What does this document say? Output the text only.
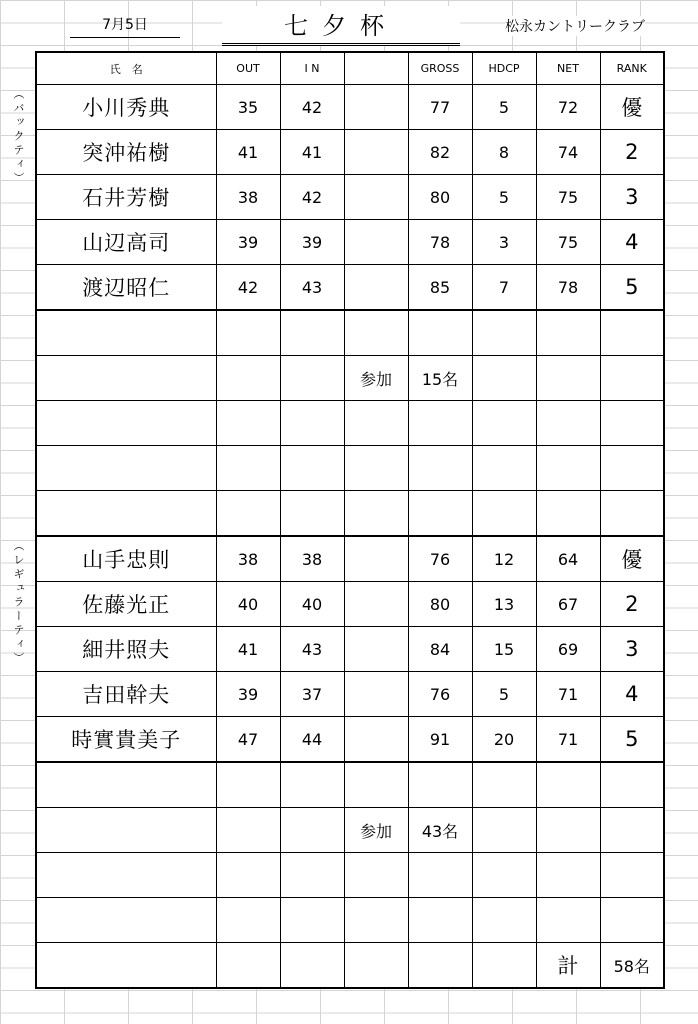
7月5日	七夕杯	松永カントリークラブ
（バックティ）
（レギュラーティ）
氏　名	OUT	I N		GROSS	HDCP	NET	RANK
小川秀典	35	42		77	5	72	優
突沖祐樹	41	41		82	8	74	2
石井芳樹	38	42		80	5	75	3
山辺高司	39	39		78	3	75	4
渡辺昭仁	42	43		85	7	78	5

			参加	15名			

山手忠則	38	38		76	12	64	優
佐藤光正	40	40		80	13	67	2
細井照夫	41	43		84	15	69	3
吉田幹夫	39	37		76	5	71	4
時實貴美子	47	44		91	20	71	5

			参加	43名			

						計	58名
